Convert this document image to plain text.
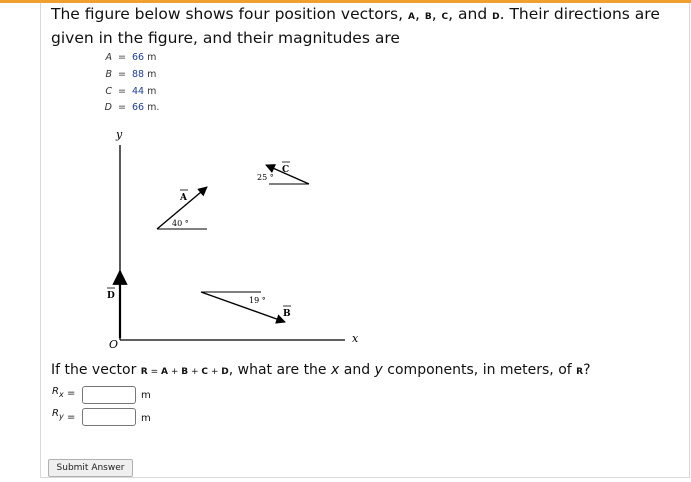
The figure below shows four position vectors, A, B, C, and D. Their directions are given in the figure, and their magnitudes are
A = 66 m
B = 88 m
C = 44 m
D = 66 m.
y
x
O
D
A
40 °
19 °
B
25 °
C
If the vector R = A + B + C + D, what are the x and y components, in meters, of R?
$R_x$ =	m
$R_y$ =	m
Submit Answer
